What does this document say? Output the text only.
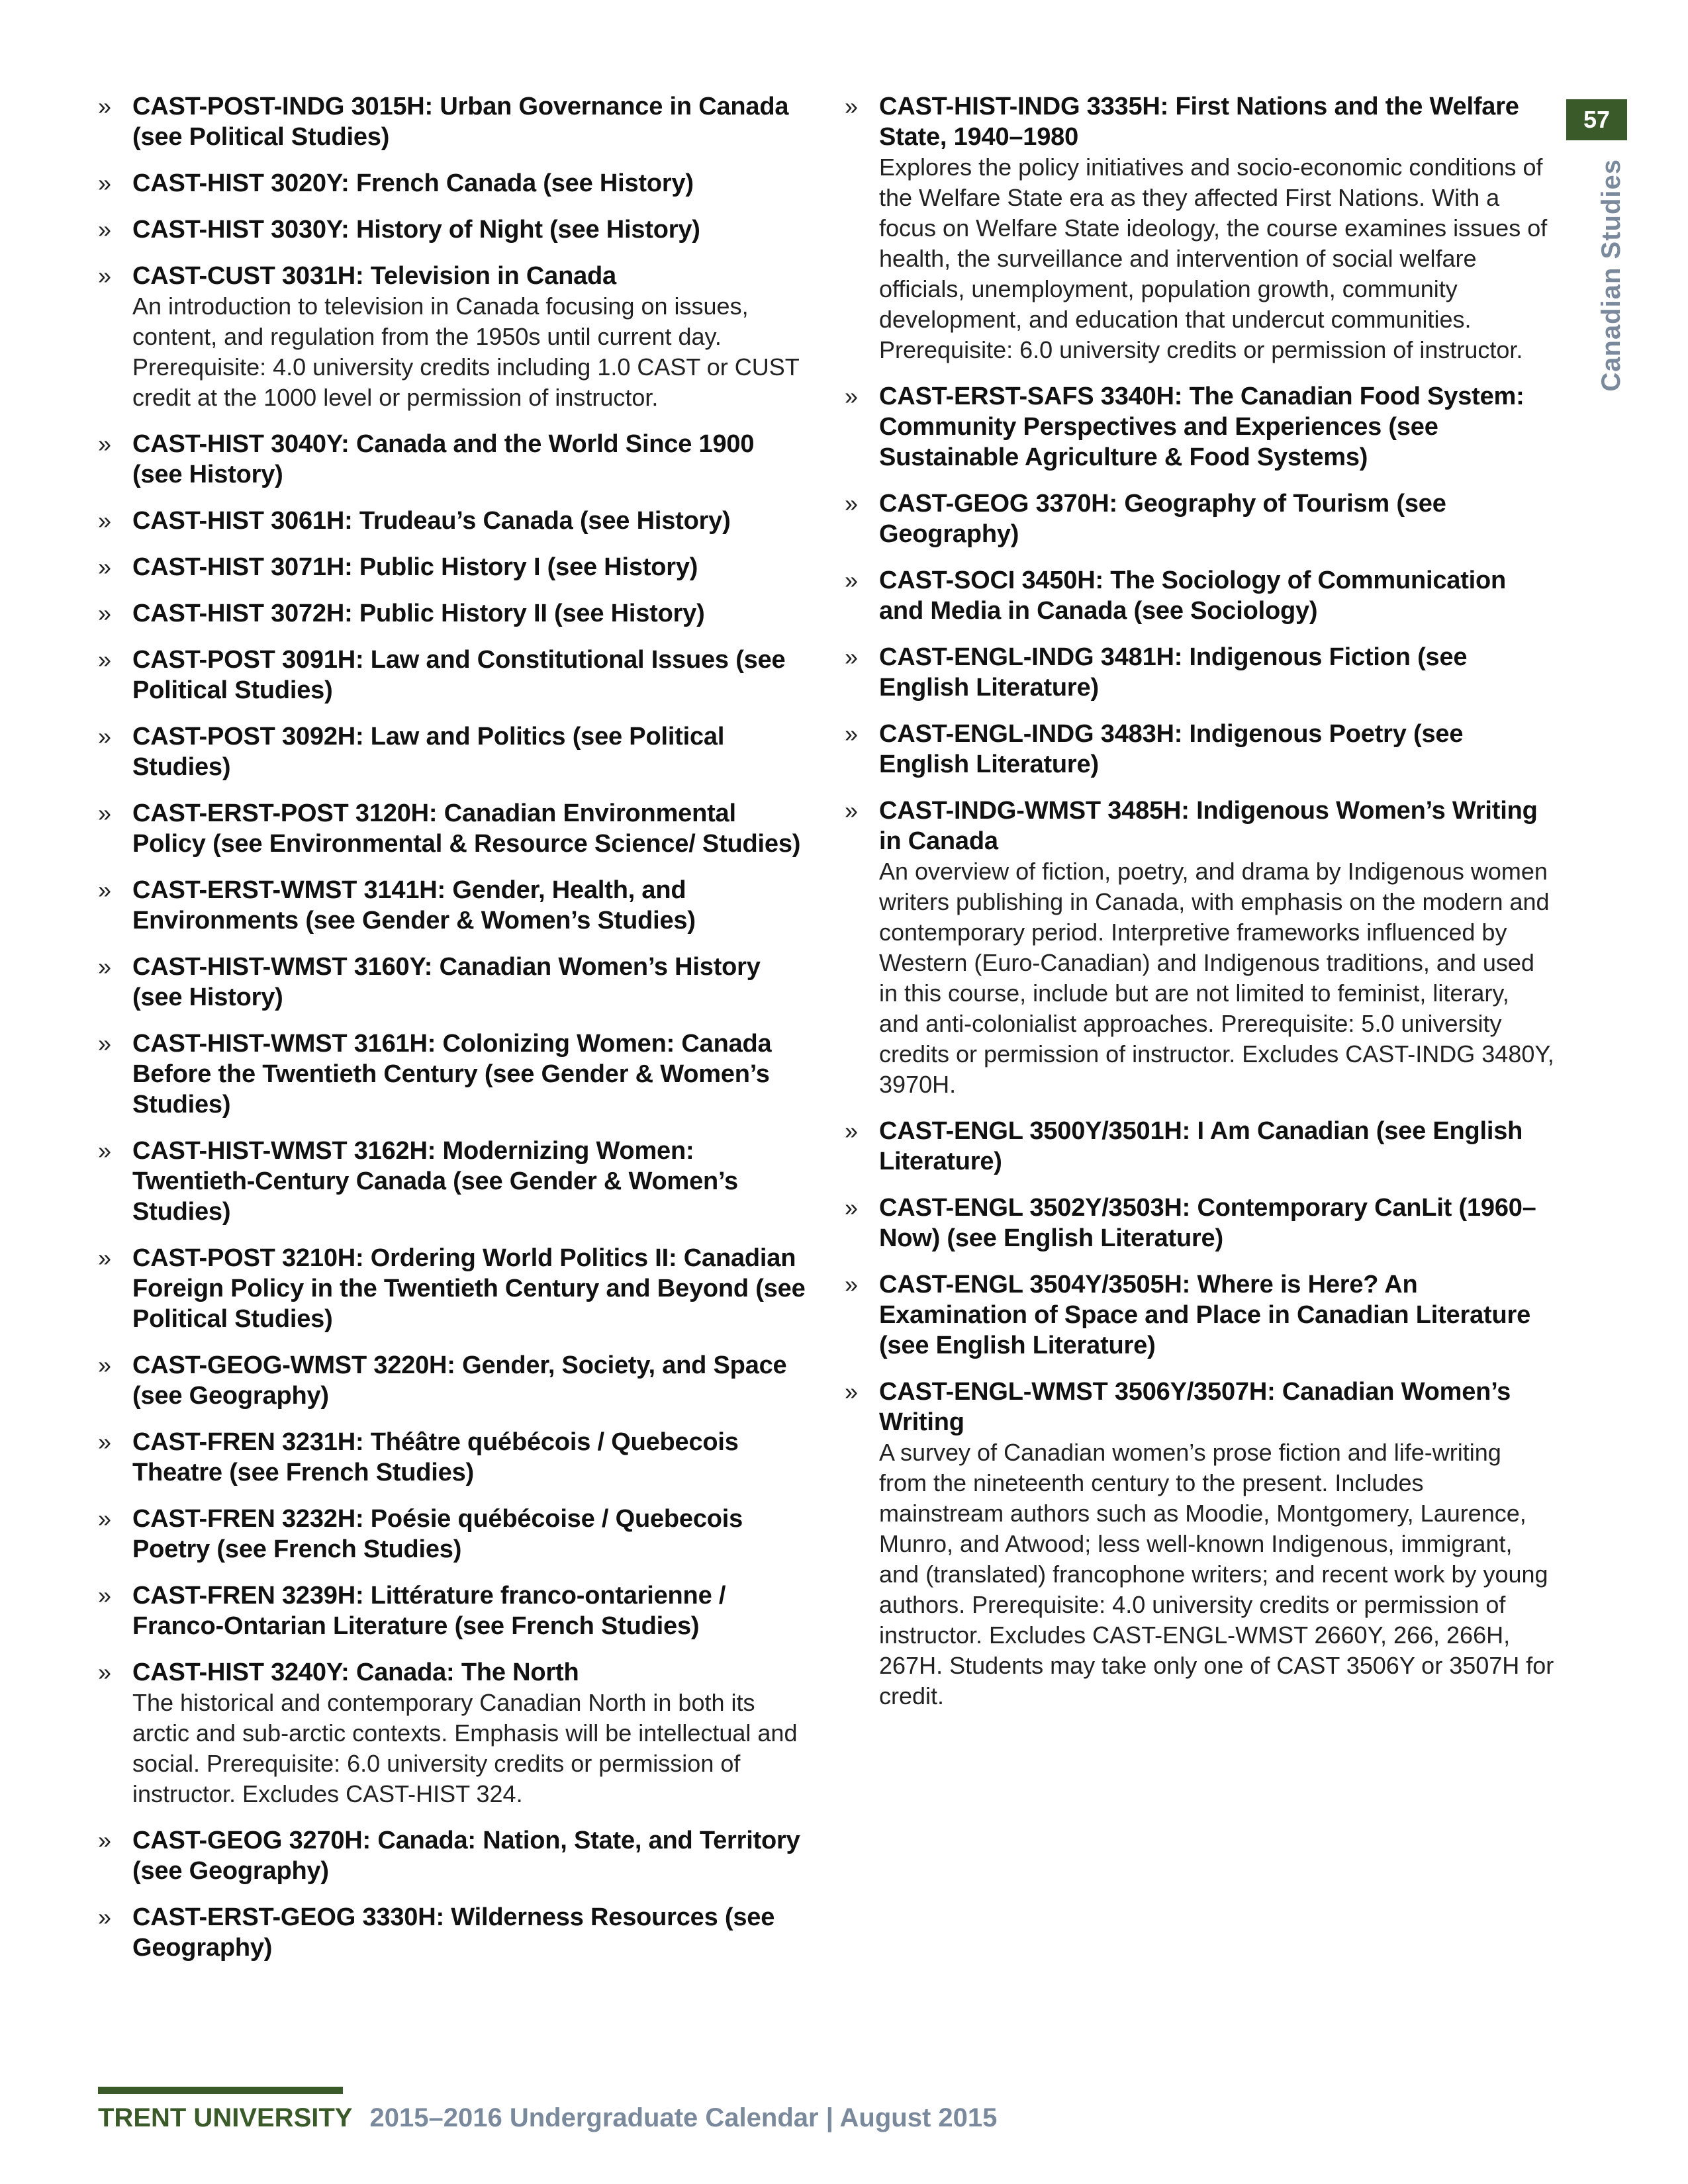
57
Canadian Studies
» CAST-POST-INDG 3015H: Urban Governance in Canada (see Political Studies)
» CAST-HIST 3020Y: French Canada (see History)
» CAST-HIST 3030Y: History of Night (see History)
» CAST-CUST 3031H: Television in Canada
An introduction to television in Canada focusing on issues, content, and regulation from the 1950s until current day. Prerequisite: 4.0 university credits including 1.0 CAST or CUST credit at the 1000 level or permission of instructor.
» CAST-HIST 3040Y: Canada and the World Since 1900 (see History)
» CAST-HIST 3061H: Trudeau’s Canada (see History)
» CAST-HIST 3071H: Public History I (see History)
» CAST-HIST 3072H: Public History II (see History)
» CAST-POST 3091H: Law and Constitutional Issues (see Political Studies)
» CAST-POST 3092H: Law and Politics (see Political Studies)
» CAST-ERST-POST 3120H: Canadian Environmental Policy (see Environmental & Resource Science/ Studies)
» CAST-ERST-WMST 3141H: Gender, Health, and Environments (see Gender & Women’s Studies)
» CAST-HIST-WMST 3160Y: Canadian Women’s History (see History)
» CAST-HIST-WMST 3161H: Colonizing Women: Canada Before the Twentieth Century (see Gender & Women’s Studies)
» CAST-HIST-WMST 3162H: Modernizing Women: Twentieth-Century Canada (see Gender & Women’s Studies)
» CAST-POST 3210H: Ordering World Politics II: Canadian Foreign Policy in the Twentieth Century and Beyond (see Political Studies)
» CAST-GEOG-WMST 3220H: Gender, Society, and Space (see Geography)
» CAST-FREN 3231H: Théâtre québécois / Quebecois Theatre (see French Studies)
» CAST-FREN 3232H: Poésie québécoise / Quebecois Poetry (see French Studies)
» CAST-FREN 3239H: Littérature franco-ontarienne / Franco-Ontarian Literature (see French Studies)
» CAST-HIST 3240Y: Canada: The North
The historical and contemporary Canadian North in both its arctic and sub-arctic contexts. Emphasis will be intellectual and social. Prerequisite: 6.0 university credits or permission of instructor. Excludes CAST-HIST 324.
» CAST-GEOG 3270H: Canada: Nation, State, and Territory (see Geography)
» CAST-ERST-GEOG 3330H: Wilderness Resources (see Geography)
» CAST-HIST-INDG 3335H: First Nations and the Welfare State, 1940–1980
Explores the policy initiatives and socio-economic conditions of the Welfare State era as they affected First Nations. With a focus on Welfare State ideology, the course examines issues of health, the surveillance and intervention of social welfare officials, unemployment, population growth, community development, and education that undercut communities. Prerequisite: 6.0 university credits or permission of instructor.
» CAST-ERST-SAFS 3340H: The Canadian Food System: Community Perspectives and Experiences (see Sustainable Agriculture & Food Systems)
» CAST-GEOG 3370H: Geography of Tourism (see Geography)
» CAST-SOCI 3450H: The Sociology of Communication and Media in Canada (see Sociology)
» CAST-ENGL-INDG 3481H: Indigenous Fiction (see English Literature)
» CAST-ENGL-INDG 3483H: Indigenous Poetry (see English Literature)
» CAST-INDG-WMST 3485H: Indigenous Women’s Writing in Canada
An overview of fiction, poetry, and drama by Indigenous women writers publishing in Canada, with emphasis on the modern and contemporary period. Interpretive frameworks influenced by Western (Euro-Canadian) and Indigenous traditions, and used in this course, include but are not limited to feminist, literary, and anti-colonialist approaches. Prerequisite: 5.0 university credits or permission of instructor. Excludes CAST-INDG 3480Y, 3970H.
» CAST-ENGL 3500Y/3501H: I Am Canadian (see English Literature)
» CAST-ENGL 3502Y/3503H: Contemporary CanLit (1960–Now) (see English Literature)
» CAST-ENGL 3504Y/3505H: Where is Here? An Examination of Space and Place in Canadian Literature (see English Literature)
» CAST-ENGL-WMST 3506Y/3507H: Canadian Women’s Writing
A survey of Canadian women’s prose fiction and life-writing from the nineteenth century to the present. Includes mainstream authors such as Moodie, Montgomery, Laurence, Munro, and Atwood; less well-known Indigenous, immigrant, and (translated) francophone writers; and recent work by young authors. Prerequisite: 4.0 university credits or permission of instructor. Excludes CAST-ENGL-WMST 2660Y, 266, 266H, 267H. Students may take only one of CAST 3506Y or 3507H for credit.
TRENT UNIVERSITY 2015–2016 Undergraduate Calendar | August 2015
